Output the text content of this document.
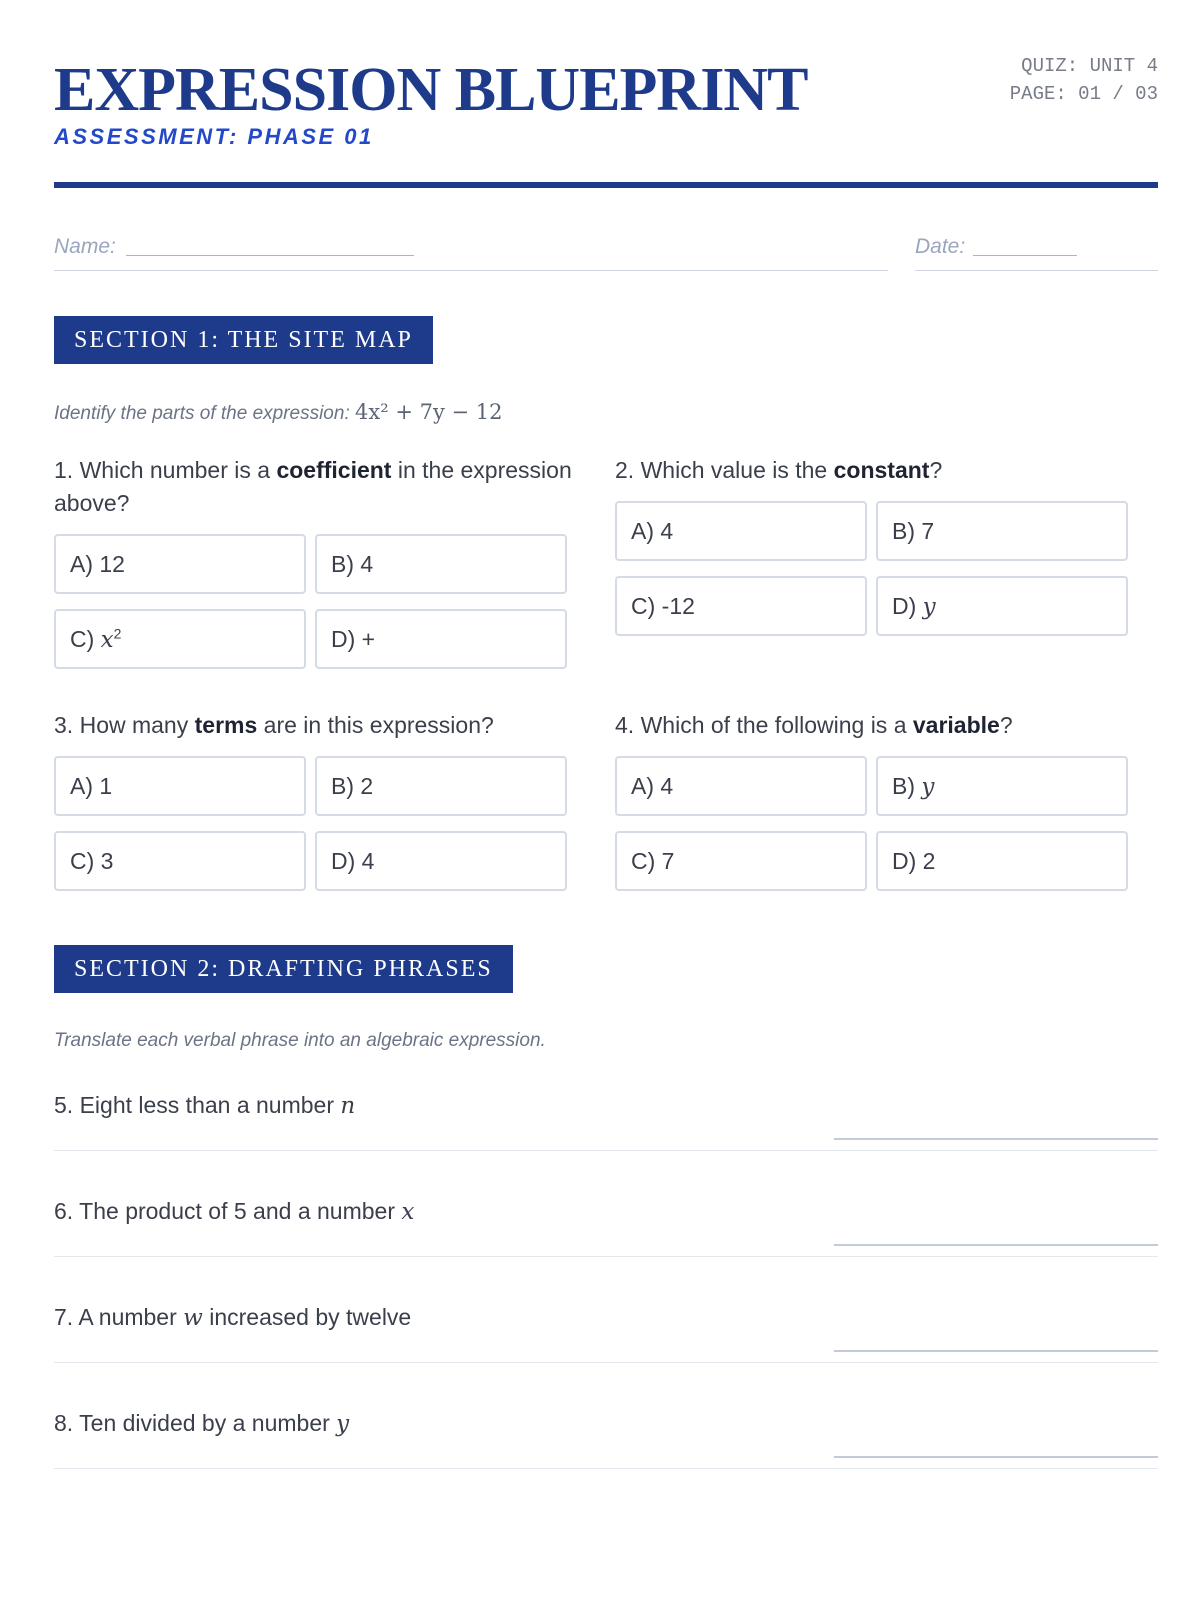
EXPRESSION BLUEPRINT
ASSESSMENT: PHASE 01
QUIZ: UNIT 4
PAGE: 01 / 03
Name:	Date:
SECTION 1: THE SITE MAP
Identify the parts of the expression: 4x² + 7y − 12
1. Which number is a coefficient in the expression above?
A) 12	B) 4
C) $x^2$	D) +
2. Which value is the constant?
A) 4	B) 7
C) -12	D) y
3. How many terms are in this expression?
A) 1	B) 2
C) 3	D) 4
4. Which of the following is a variable?
A) 4	B) y
C) 7	D) 2
SECTION 2: DRAFTING PHRASES
Translate each verbal phrase into an algebraic expression.
5. Eight less than a number n
6. The product of 5 and a number x
7. A number w increased by twelve
8. Ten divided by a number y
